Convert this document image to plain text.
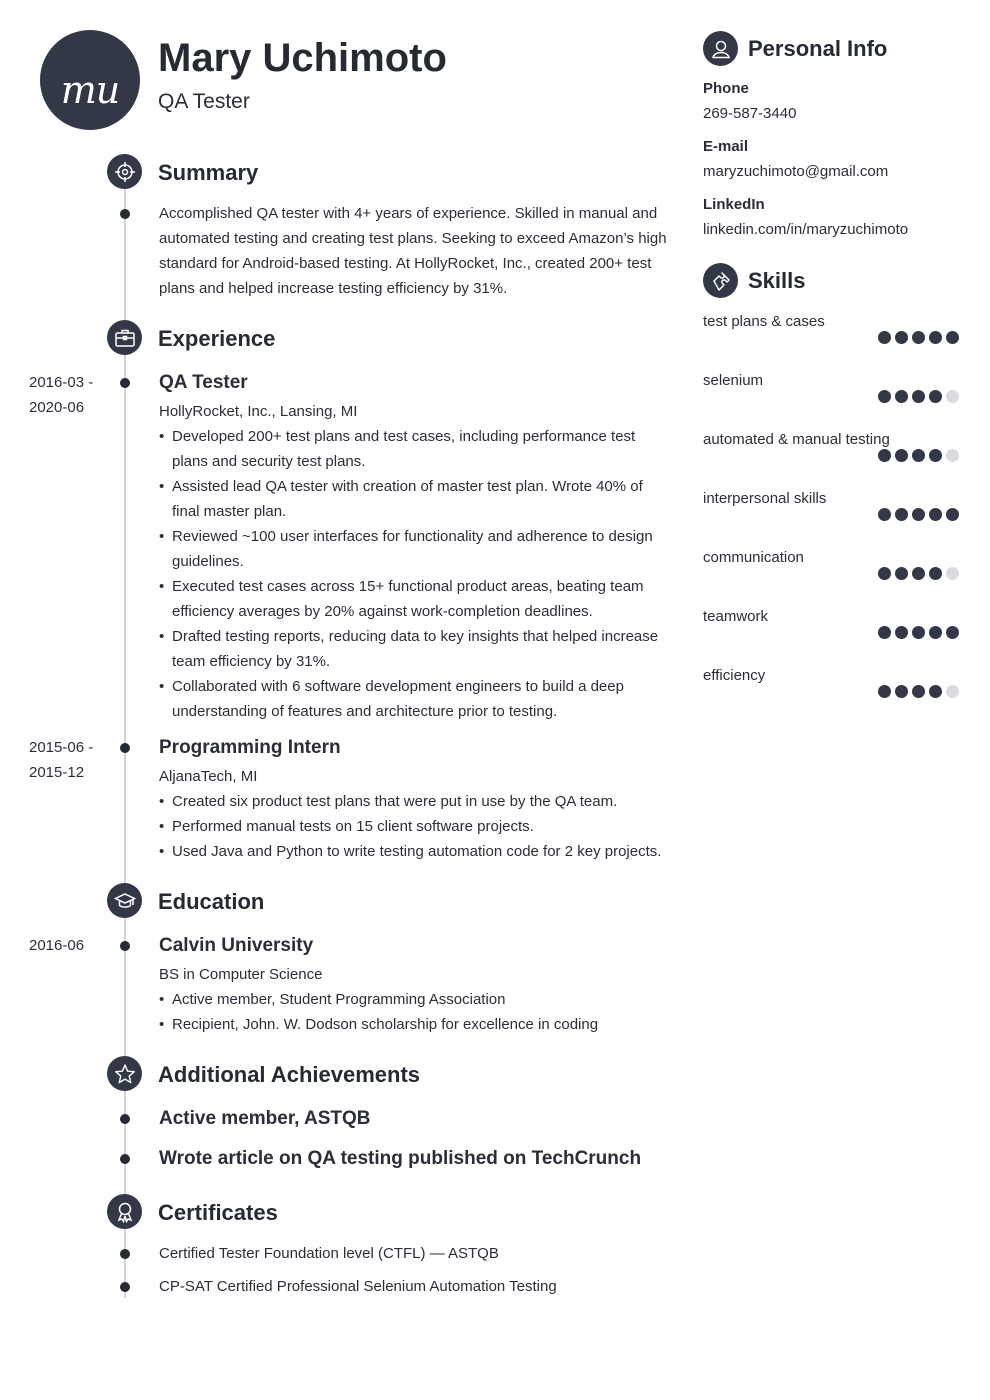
mu
Mary Uchimoto
QA Tester
Summary
Accomplished QA tester with 4+ years of experience. Skilled in manual and automated testing and creating test plans. Seeking to exceed Amazon’s high standard for Android-based testing. At HollyRocket, Inc., created 200+ test plans and helped increase testing efficiency by 31%.
Experience
2016-03 -
2020-06
QA Tester
HollyRocket, Inc., Lansing, MI
• Developed 200+ test plans and test cases, including performance test plans and security test plans.
• Assisted lead QA tester with creation of master test plan. Wrote 40% of final master plan.
• Reviewed ~100 user interfaces for functionality and adherence to design guidelines.
• Executed test cases across 15+ functional product areas, beating team efficiency averages by 20% against work-completion deadlines.
• Drafted testing reports, reducing data to key insights that helped increase team efficiency by 31%.
• Collaborated with 6 software development engineers to build a deep understanding of features and architecture prior to testing.
2015-06 -
2015-12
Programming Intern
AljanaTech, MI
• Created six product test plans that were put in use by the QA team.
• Performed manual tests on 15 client software projects.
• Used Java and Python to write testing automation code for 2 key projects.
Education
2016-06	Calvin University
BS in Computer Science
• Active member, Student Programming Association
• Recipient, John. W. Dodson scholarship for excellence in coding
Additional Achievements
Active member, ASTQB
Wrote article on QA testing published on TechCrunch
Certificates
Certified Tester Foundation level (CTFL) — ASTQB
CP-SAT Certified Professional Selenium Automation Testing
Personal Info
Phone
269-587-3440
E-mail
maryzuchimoto@gmail.com
LinkedIn
linkedin.com/in/maryzuchimoto
Skills
test plans & cases
selenium
automated & manual testing
interpersonal skills
communication
teamwork
efficiency
